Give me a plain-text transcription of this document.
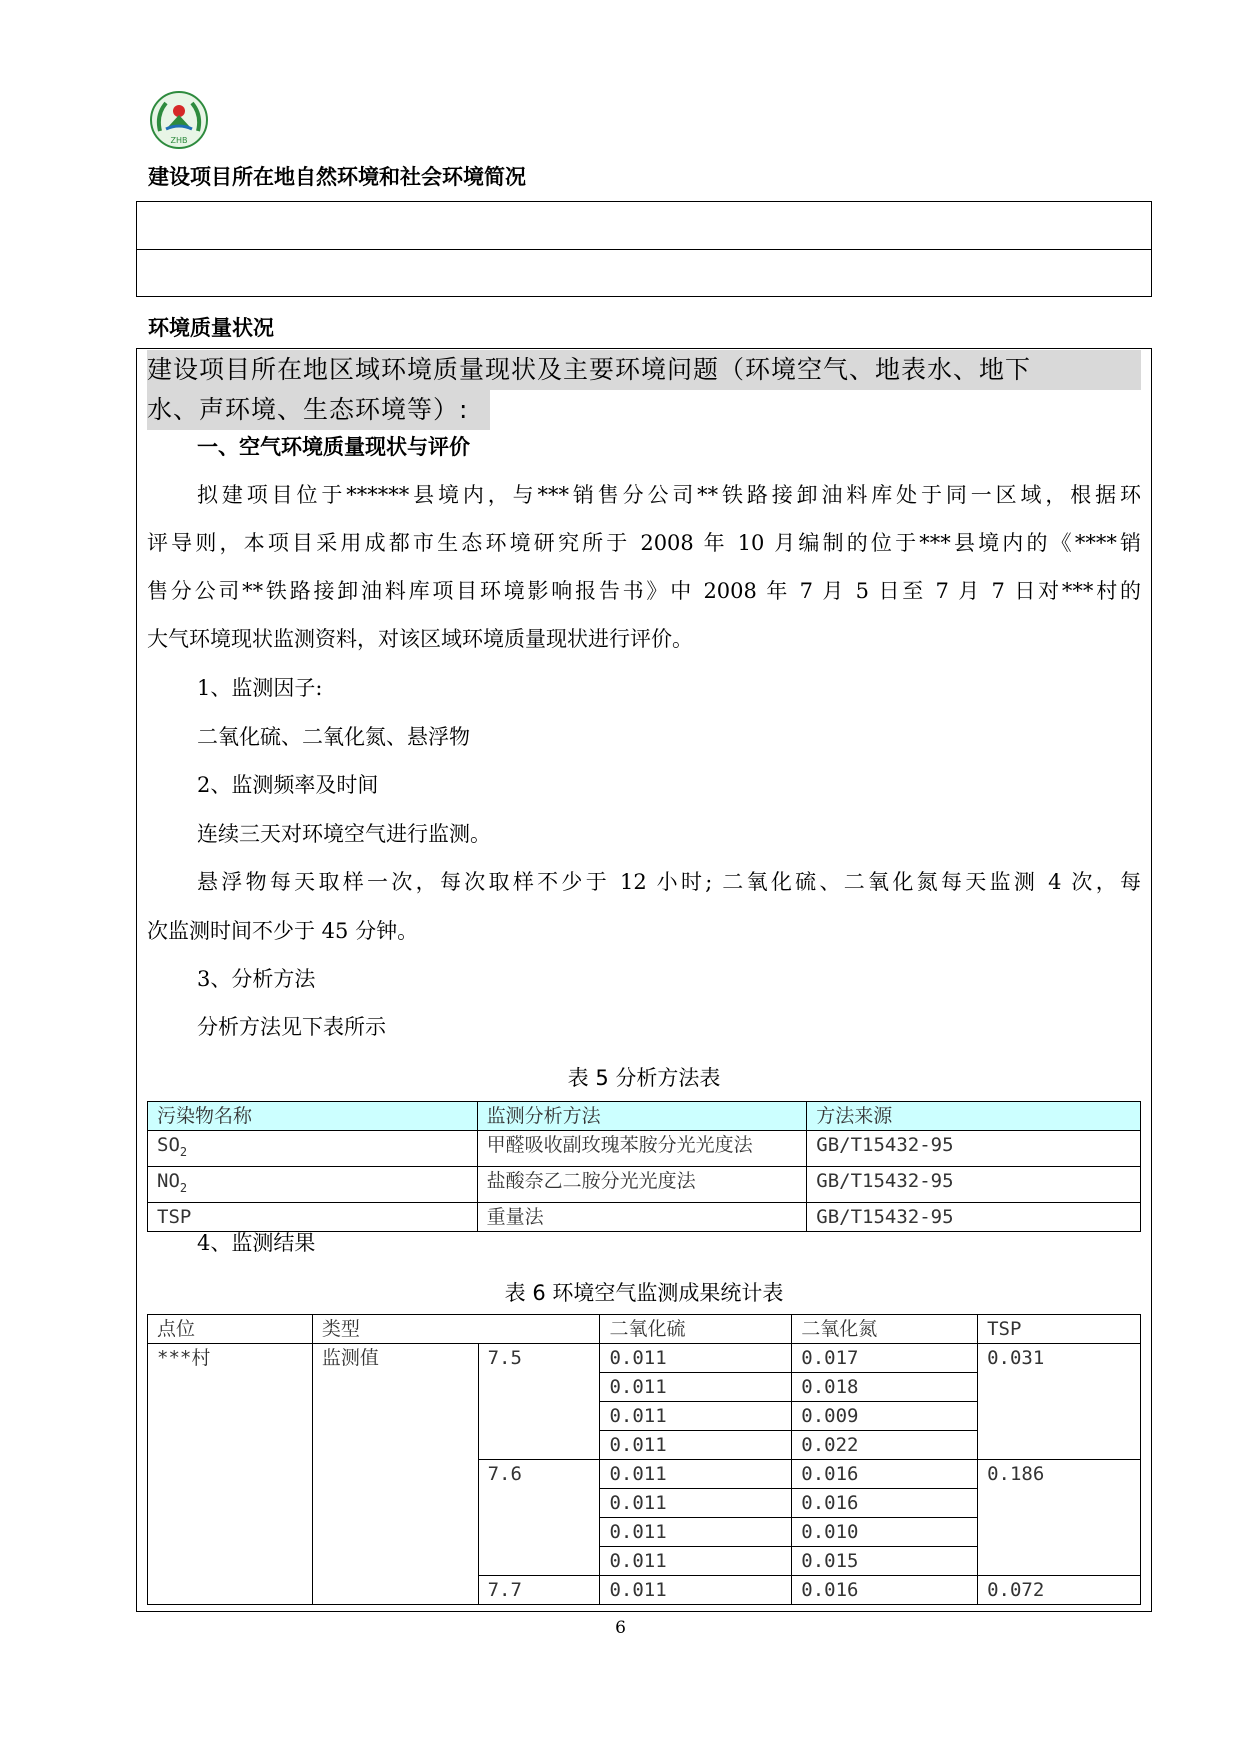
ZHB
建设项目所在地自然环境和社会环境简况
环境质量状况
建设项目所在地区域环境质量现状及主要环境问题（环境空气、地表水、地下
水、声环境、生态环境等）:
一、空气环境质量现状与评价
拟建项目位于******县境内，与***销售分公司**铁路接卸油料库处于同一区域，根据环
评导则，本项目采用成都市生态环境研究所于 2008 年 10 月编制的位于***县境内的《****销
售分公司**铁路接卸油料库项目环境影响报告书》中 2008 年 7 月 5 日至 7 月 7 日对***村的
大气环境现状监测资料，对该区域环境质量现状进行评价。
1、监测因子:
二氧化硫、二氧化氮、悬浮物
2、监测频率及时间
连续三天对环境空气进行监测。
悬浮物每天取样一次，每次取样不少于 12 小时; 二氧化硫、二氧化氮每天监测 4 次，每
次监测时间不少于 45 分钟。
3、分析方法
分析方法见下表所示
表 5 分析方法表
污染物名称	监测分析方法	方法来源
$SO_2$	甲醛吸收副玫瑰苯胺分光光度法	GB/T15432-95
$NO_2$	盐酸奈乙二胺分光光度法	GB/T15432-95
TSP	重量法	GB/T15432-95
4、监测结果
表 6 环境空气监测成果统计表
点位	类型		二氧化硫	二氧化氮	TSP
***村	监测值	7.5	0.011	0.017	0.031
			0.011	0.018	
			0.011	0.009	
			0.011	0.022	
		7.6	0.011	0.016	0.186
			0.011	0.016	
			0.011	0.010	
			0.011	0.015	
		7.7	0.011	0.016	0.072
6
